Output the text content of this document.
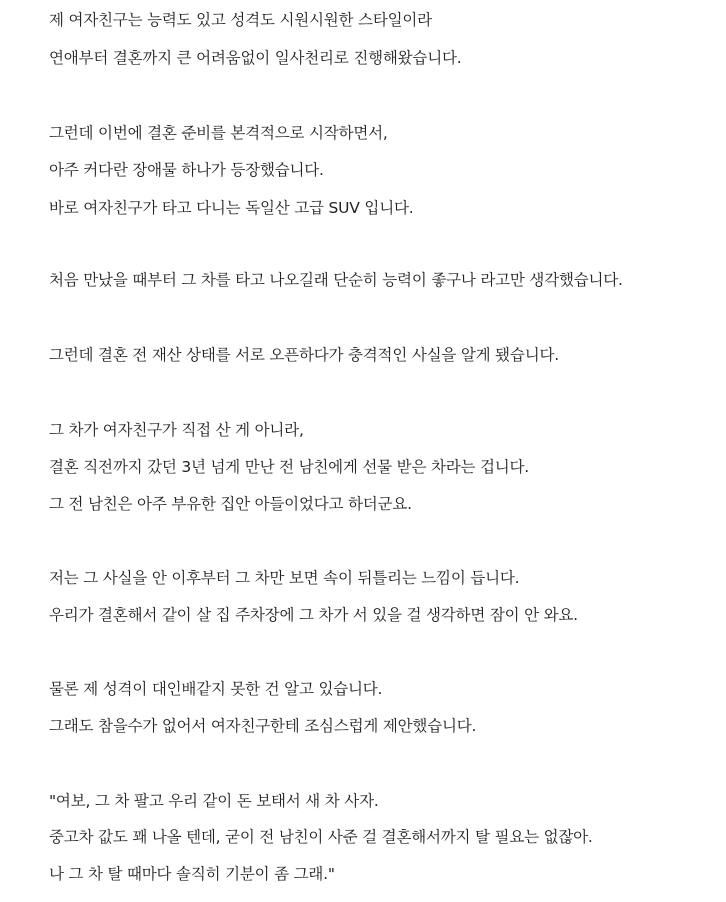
제 여자친구는 능력도 있고 성격도 시원시원한 스타일이라
연애부터 결혼까지 큰 어려움없이 일사천리로 진행해왔습니다.
그런데 이번에 결혼 준비를 본격적으로 시작하면서,
아주 커다란 장애물 하나가 등장했습니다.
바로 여자친구가 타고 다니는 독일산 고급 SUV 입니다.
처음 만났을 때부터 그 차를 타고 나오길래 단순히 능력이 좋구나 라고만 생각했습니다.
그런데 결혼 전 재산 상태를 서로 오픈하다가 충격적인 사실을 알게 됐습니다.
그 차가 여자친구가 직접 산 게 아니라,
결혼 직전까지 갔던 3년 넘게 만난 전 남친에게 선물 받은 차라는 겁니다.
그 전 남친은 아주 부유한 집안 아들이었다고 하더군요.
저는 그 사실을 안 이후부터 그 차만 보면 속이 뒤틀리는 느낌이 듭니다.
우리가 결혼해서 같이 살 집 주차장에 그 차가 서 있을 걸 생각하면 잠이 안 와요.
물론 제 성격이 대인배같지 못한 건 알고 있습니다.
그래도 참을수가 없어서 여자친구한테 조심스럽게 제안했습니다.
"여보, 그 차 팔고 우리 같이 돈 보태서 새 차 사자.
중고차 값도 꽤 나올 텐데, 굳이 전 남친이 사준 걸 결혼해서까지 탈 필요는 없잖아.
나 그 차 탈 때마다 솔직히 기분이 좀 그래."
